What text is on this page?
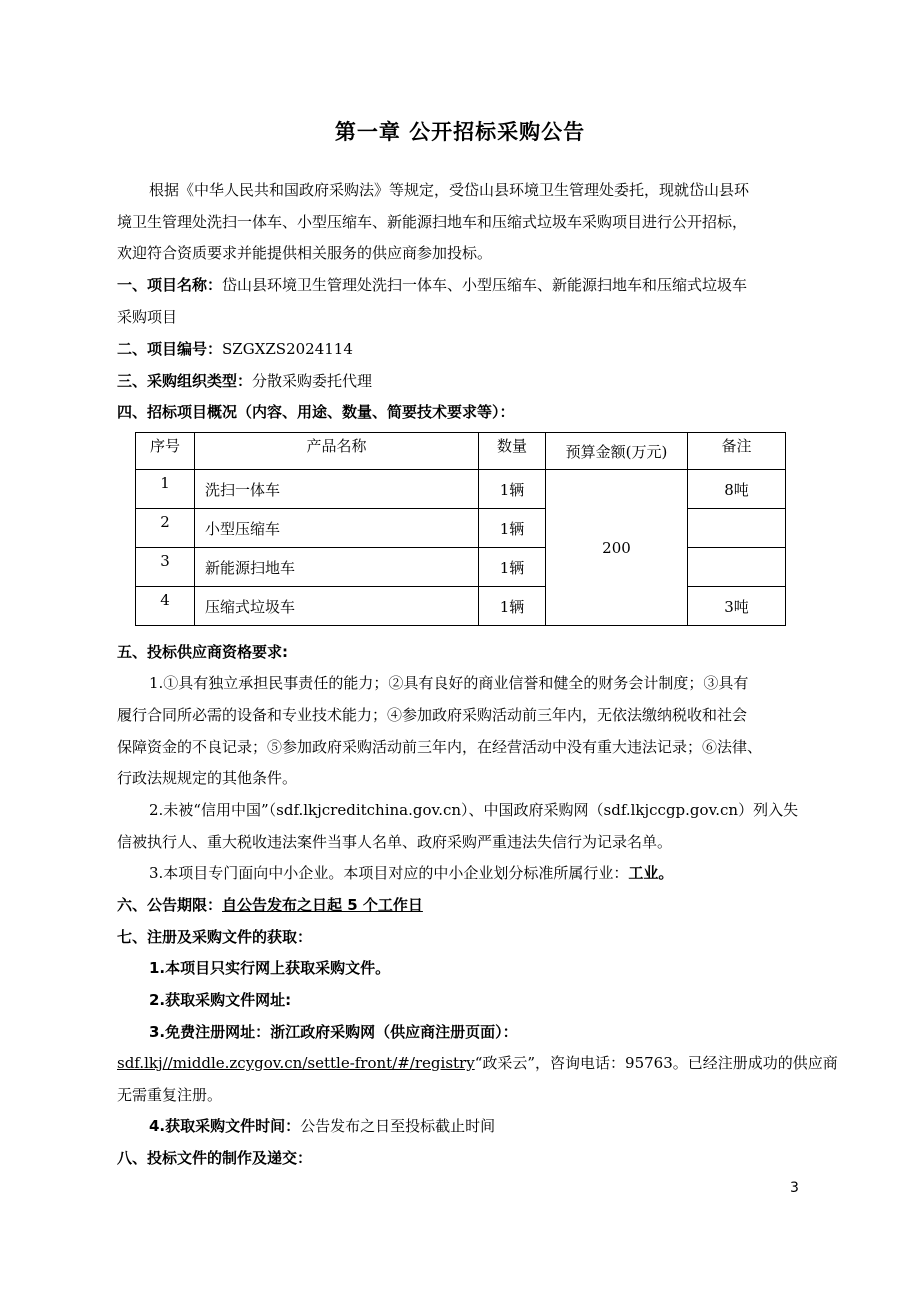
第一章 公开招标采购公告
根据《中华人民共和国政府采购法》等规定，受岱山县环境卫生管理处委托，现就岱山县环
境卫生管理处洗扫一体车、小型压缩车、新能源扫地车和压缩式垃圾车采购项目进行公开招标，
欢迎符合资质要求并能提供相关服务的供应商参加投标。
一、项目名称：岱山县环境卫生管理处洗扫一体车、小型压缩车、新能源扫地车和压缩式垃圾车
采购项目
二、项目编号：SZGXZS2024114
三、采购组织类型：分散采购委托代理
四、招标项目概况（内容、用途、数量、简要技术要求等）：
序号	产品名称	数量	预算金额(万元)	备注
1	洗扫一体车	1辆	200	8吨
2	小型压缩车	1辆		
3	新能源扫地车	1辆		
4	压缩式垃圾车	1辆		3吨
五、投标供应商资格要求:
1.①具有独立承担民事责任的能力；②具有良好的商业信誉和健全的财务会计制度；③具有
履行合同所必需的设备和专业技术能力；④参加政府采购活动前三年内，无依法缴纳税收和社会
保障资金的不良记录；⑤参加政府采购活动前三年内，在经营活动中没有重大违法记录；⑥法律、
行政法规规定的其他条件。
2.未被“信用中国”（sdf.lkjcreditchina.gov.cn）、中国政府采购网（sdf.lkjccgp.gov.cn）列入失
信被执行人、重大税收违法案件当事人名单、政府采购严重违法失信行为记录名单。
3.本项目专门面向中小企业。本项目对应的中小企业划分标准所属行业：工业。
六、公告期限：自公告发布之日起 5 个工作日
七、注册及采购文件的获取：
1.本项目只实行网上获取采购文件。
2.获取采购文件网址:
3.免费注册网址：浙江政府采购网（供应商注册页面）：
sdf.lkj//middle.zcygov.cn/settle-front/#/registry“政采云”，咨询电话：95763。已经注册成功的供应商
无需重复注册。
4.获取采购文件时间：公告发布之日至投标截止时间
八、投标文件的制作及递交：
3
